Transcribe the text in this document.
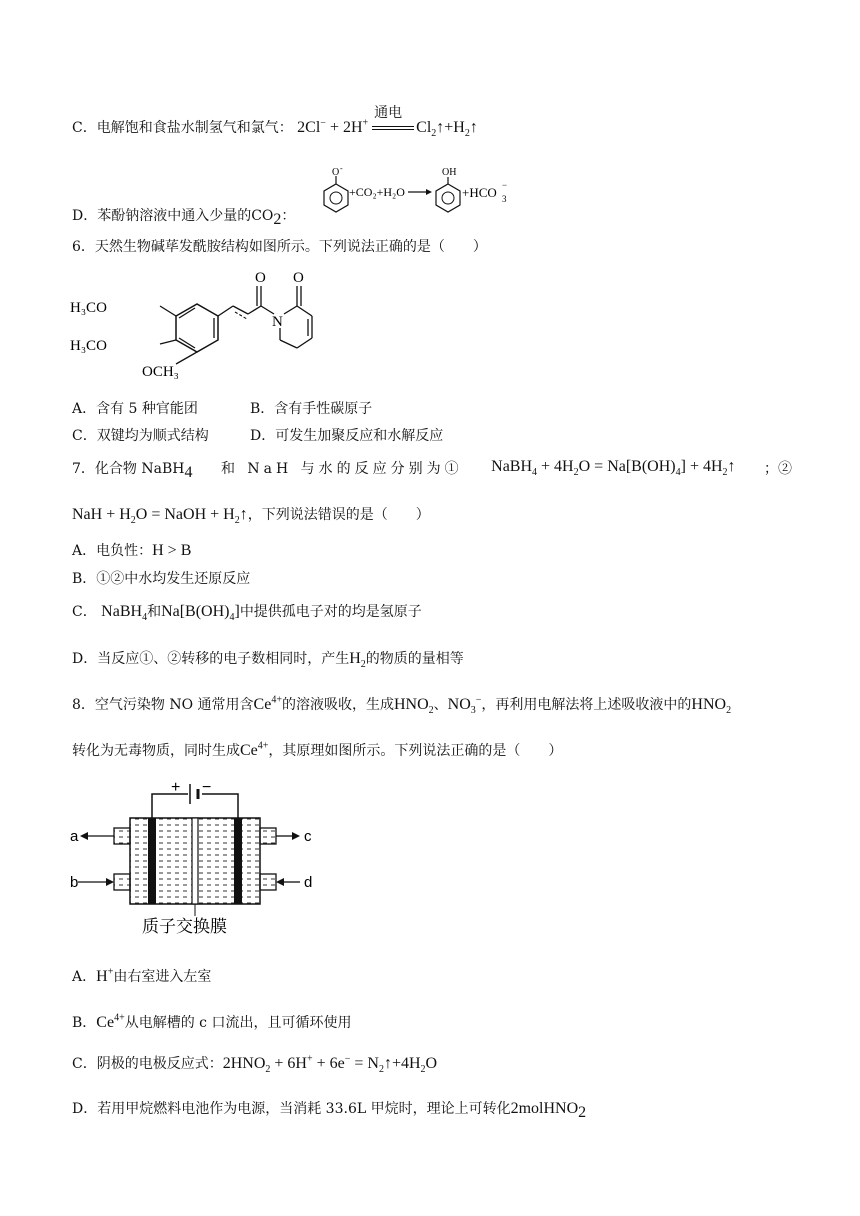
C．电解饱和食盐水制氢气和氯气： 2Cl− + 2H+
通电
$Cl_2↑+H_2↑$
D．苯酚钠溶液中通入少量的$CO_2$：
O -
+CO₂+H₂O
OH
+HCO 3
−
6．天然生物碱荜发酰胺结构如图所示。下列说法正确的是（　　）
H₃CO
H₃CO
OCH₃
O
N
O
A．含有 5 种官能团	B．含有手性碳原子
C．双键均为顺式结构	D．可发生加聚反应和水解反应
7．化合物 NaBH$_4$ 和 NaH 与水的反应分别为① NaBH$_4$ + $4H_2O = Na[B(OH)_4]$ + $4H_2↑$ ；②
NaH + $H_2O$ = NaOH + $H_2↑$，下列说法错误的是（　　）
A．电负性：H > B
B．①②中水均发生还原反应
C． NaBH$_4$和$Na[B(OH)_4]$中提供孤电子对的均是氢原子
D．当反应①、②转移的电子数相同时，产生$H_2$的物质的量相等
8．空气污染物 NO 通常用含$Ce^{4+}$的溶液吸收，生成$HNO_2$、$NO_3^-$，再利用电解法将上述吸收液中的$HNO_2$
转化为无毒物质，同时生成$Ce^{4+}$，其原理如图所示。下列说法正确的是（　　）
+ −
a
b
c
d
质子交换膜
A．H+由右室进入左室
B．$Ce^{4+}$从电解槽的 c 口流出，且可循环使用
C．阴极的电极反应式：$2HNO_2 + 6H^+ + 6e^-$ = $N_2↑+4H_2O$
D．若用甲烷燃料电池作为电源，当消耗 33.6L 甲烷时，理论上可转化2molHNO$_2$
